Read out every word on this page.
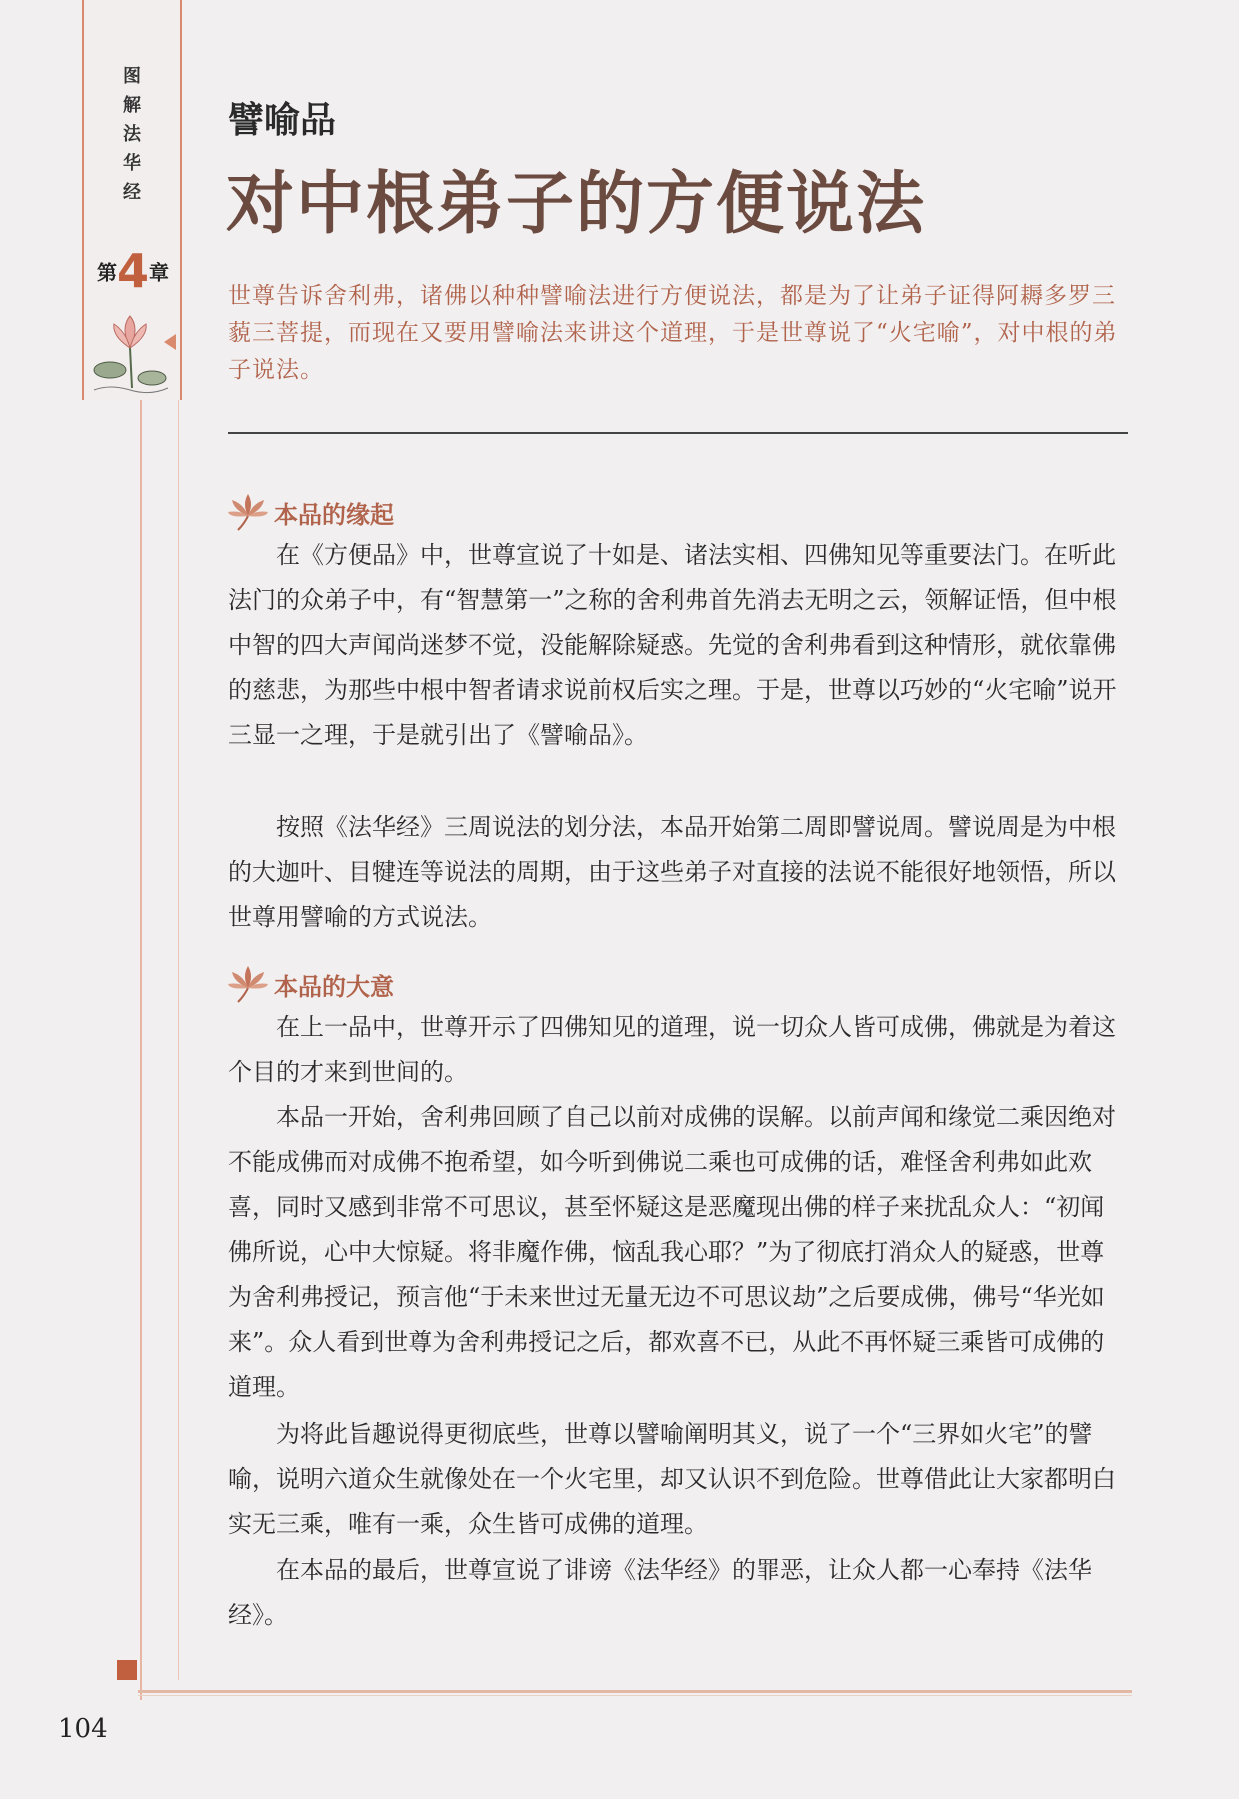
图
解
法
华
经
第4章
譬喻品
对中根弟子的方便说法

世尊告诉舍利弗，诸佛以种种譬喻法进行方便说法，都是为了让弟子证得阿耨多罗三藐三菩提，而现在又要用譬喻法来讲这个道理，于是世尊说了“火宅喻”，对中根的弟子说法。

本品的缘起

在《方便品》中，世尊宣说了十如是、诸法实相、四佛知见等重要法门。在听此法门的众弟子中，有“智慧第一”之称的舍利弗首先消去无明之云，领解证悟，但中根中智的四大声闻尚迷梦不觉，没能解除疑惑。先觉的舍利弗看到这种情形，就依靠佛的慈悲，为那些中根中智者请求说前权后实之理。于是，世尊以巧妙的“火宅喻”说开三显一之理，于是就引出了《譬喻品》。

按照《法华经》三周说法的划分法，本品开始第二周即譬说周。譬说周是为中根的大迦叶、目犍连等说法的周期，由于这些弟子对直接的法说不能很好地领悟，所以世尊用譬喻的方式说法。

本品的大意

在上一品中，世尊开示了四佛知见的道理，说一切众人皆可成佛，佛就是为着这个目的才来到世间的。

本品一开始，舍利弗回顾了自己以前对成佛的误解。以前声闻和缘觉二乘因绝对不能成佛而对成佛不抱希望，如今听到佛说二乘也可成佛的话，难怪舍利弗如此欢喜，同时又感到非常不可思议，甚至怀疑这是恶魔现出佛的样子来扰乱众人：“初闻佛所说，心中大惊疑。将非魔作佛，恼乱我心耶？”为了彻底打消众人的疑惑，世尊为舍利弗授记，预言他“于未来世过无量无边不可思议劫”之后要成佛，佛号“华光如来”。众人看到世尊为舍利弗授记之后，都欢喜不已，从此不再怀疑三乘皆可成佛的道理。

为将此旨趣说得更彻底些，世尊以譬喻阐明其义，说了一个“三界如火宅”的譬喻，说明六道众生就像处在一个火宅里，却又认识不到危险。世尊借此让大家都明白实无三乘，唯有一乘，众生皆可成佛的道理。

在本品的最后，世尊宣说了诽谤《法华经》的罪恶，让众人都一心奉持《法华经》。

104
